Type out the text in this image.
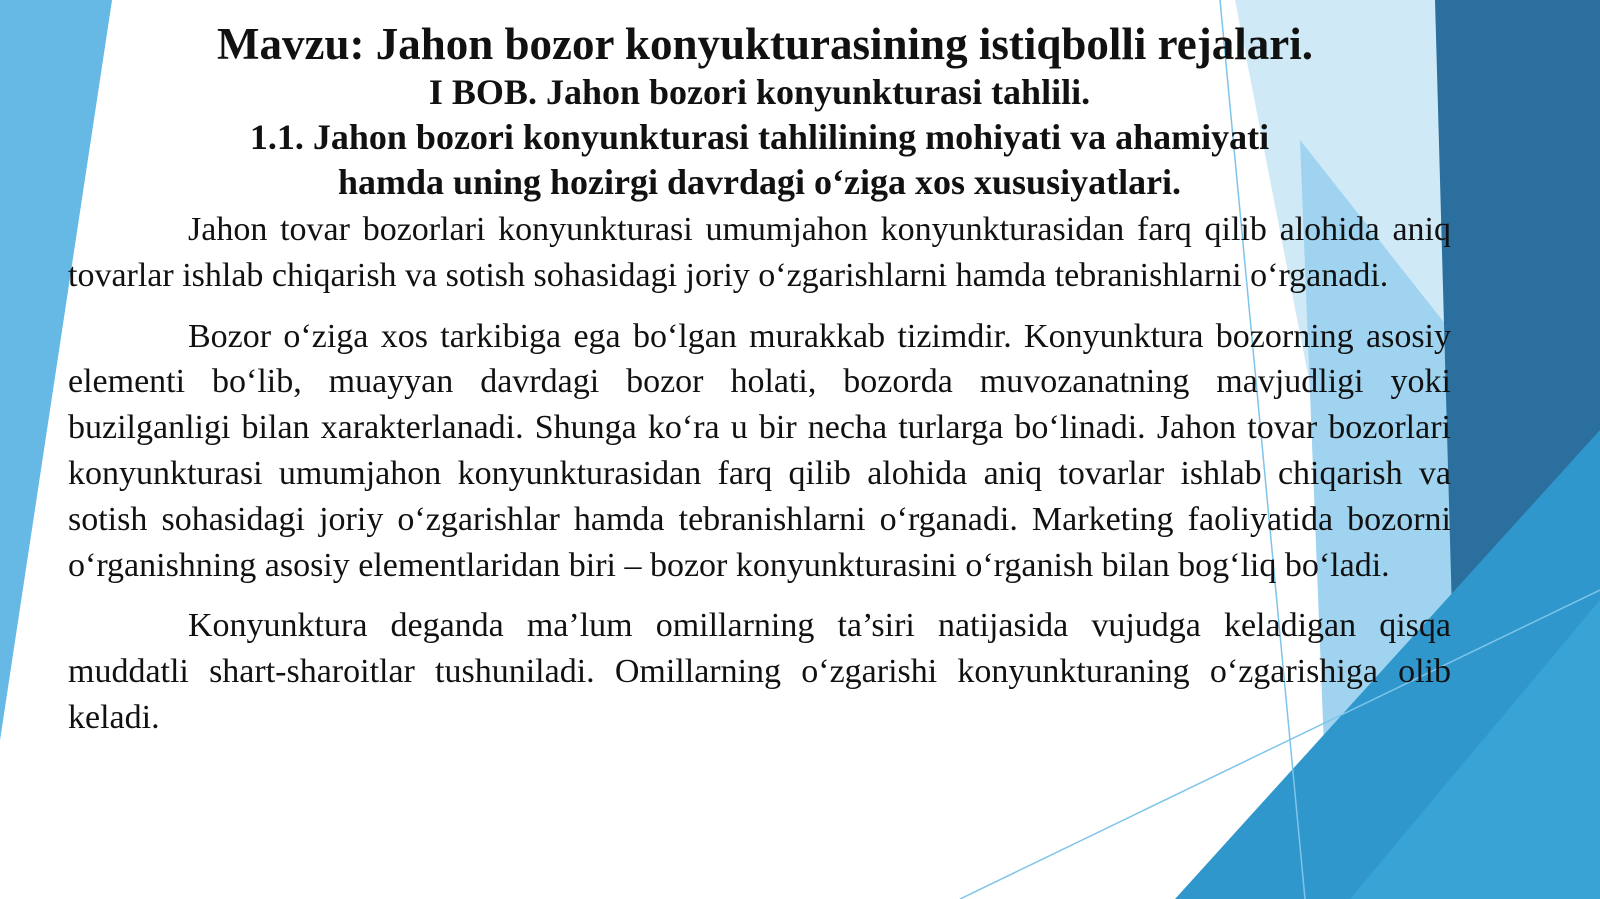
Mavzu: Jahon bozor konyukturasining istiqbolli rejalari.
I BOB. Jahon bozori konyunkturasi tahlili.
1.1. Jahon bozori konyunkturasi tahlilining mohiyati va ahamiyati
hamda uning hozirgi davrdagi o‘ziga xos xususiyatlari.

Jahon tovar bozorlari konyunkturasi umumjahon konyunkturasidan farq qilib alohida aniq tovarlar ishlab chiqarish va sotish sohasidagi joriy o‘zgarishlarni hamda tebranishlarni o‘rganadi.

Bozor o‘ziga xos tarkibiga ega bo‘lgan murakkab tizimdir. Konyunktura bozorning asosiy elementi bo‘lib, muayyan davrdagi bozor holati, bozorda muvozanatning mavjudligi yoki buzilganligi bilan xarakterlanadi. Shunga ko‘ra u bir necha turlarga bo‘linadi. Jahon tovar bozorlari konyunkturasi umumjahon konyunkturasidan farq qilib alohida aniq tovarlar ishlab chiqarish va sotish sohasidagi joriy o‘zgarishlar hamda tebranishlarni o‘rganadi. Marketing faoliyatida bozorni o‘rganishning asosiy elementlaridan biri – bozor konyunkturasini o‘rganish bilan bog‘liq bo‘ladi.

Konyunktura deganda ma’lum omillarning ta’siri natijasida vujudga keladigan qisqa muddatli shart-sharoitlar tushuniladi. Omillarning o‘zgarishi konyunkturaning o‘zgarishiga olib keladi.
